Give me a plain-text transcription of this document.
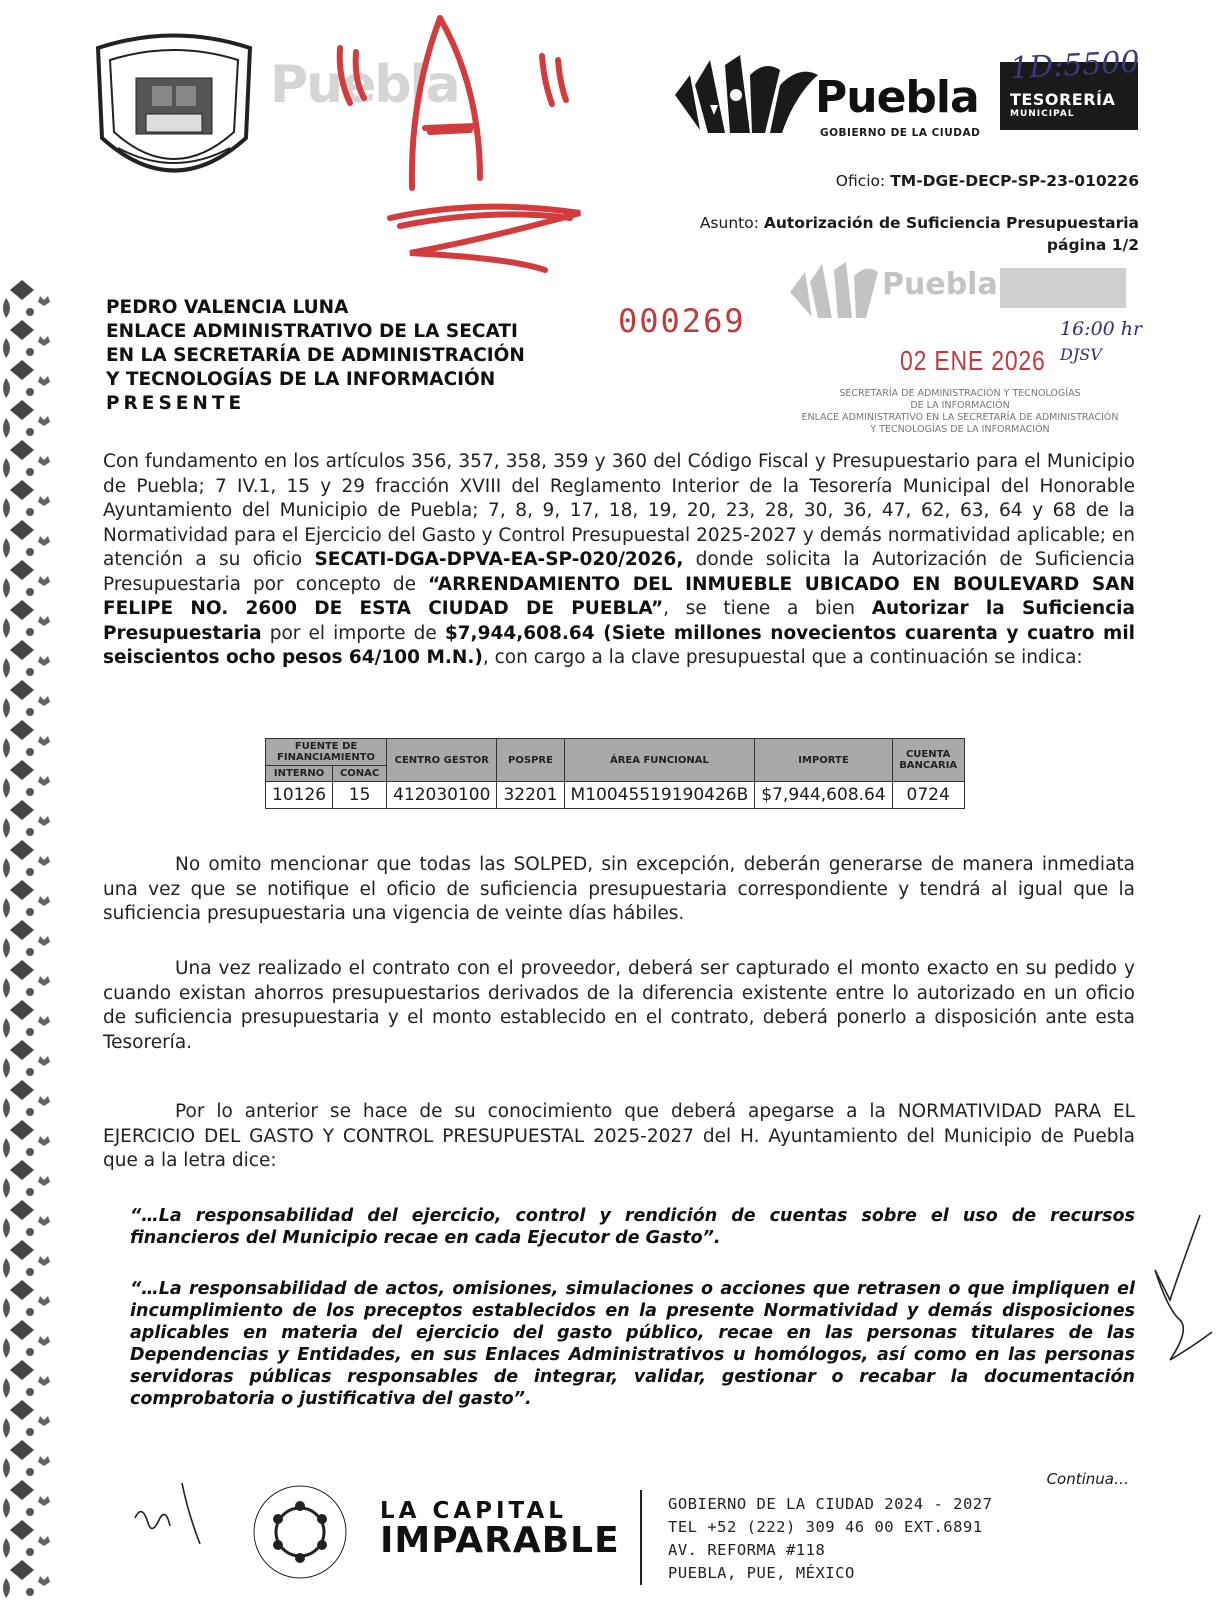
Puebla	Puebla
GOBIERNO DE LA CIUDAD
TESORERÍA
MUNICIPAL
1D:5500
Oficio: TM-DGE-DECP-SP-23-010226
Asunto: Autorización de Suficiencia Presupuestaria
página 1/2
Puebla
000269
02 ENE 2026
16:00 hr
DJSV
SECRETARÍA DE ADMINISTRACIÓN Y TECNOLOGÍAS
DE LA INFORMACIÓN
ENLACE ADMINISTRATIVO EN LA SECRETARÍA DE ADMINISTRACIÓN
Y TECNOLOGÍAS DE LA INFORMACIÓN
PEDRO VALENCIA LUNA
ENLACE ADMINISTRATIVO DE LA SECATI
EN LA SECRETARÍA DE ADMINISTRACIÓN
Y TECNOLOGÍAS DE LA INFORMACIÓN
PRESENTE
Con fundamento en los artículos 356, 357, 358, 359 y 360 del Código Fiscal y Presupuestario para el Municipio de Puebla; 7 IV.1, 15 y 29 fracción XVIII del Reglamento Interior de la Tesorería Municipal del Honorable Ayuntamiento del Municipio de Puebla; 7, 8, 9, 17, 18, 19, 20, 23, 28, 30, 36, 47, 62, 63, 64 y 68 de la Normatividad para el Ejercicio del Gasto y Control Presupuestal 2025-2027 y demás normatividad aplicable; en atención a su oficio SECATI-DGA-DPVA-EA-SP-020/2026, donde solicita la Autorización de Suficiencia Presupuestaria por concepto de “ARRENDAMIENTO DEL INMUEBLE UBICADO EN BOULEVARD SAN FELIPE NO. 2600 DE ESTA CIUDAD DE PUEBLA”, se tiene a bien Autorizar la Suficiencia Presupuestaria por el importe de $7,944,608.64 (Siete millones novecientos cuarenta y cuatro mil seiscientos ocho pesos 64/100 M.N.), con cargo a la clave presupuestal que a continuación se indica:
FUENTE DE FINANCIAMIENTO		CENTRO GESTOR	POSPRE	ÁREA FUNCIONAL	IMPORTE	CUENTA BANCARIA
INTERNO	CONAC					
10126	15	412030100	32201	M10045519190426B	$7,944,608.64	0724
No omito mencionar que todas las SOLPED, sin excepción, deberán generarse de manera inmediata una vez que se notifique el oficio de suficiencia presupuestaria correspondiente y tendrá al igual que la suficiencia presupuestaria una vigencia de veinte días hábiles.
Una vez realizado el contrato con el proveedor, deberá ser capturado el monto exacto en su pedido y cuando existan ahorros presupuestarios derivados de la diferencia existente entre lo autorizado en un oficio de suficiencia presupuestaria y el monto establecido en el contrato, deberá ponerlo a disposición ante esta Tesorería.
Por lo anterior se hace de su conocimiento que deberá apegarse a la NORMATIVIDAD PARA EL EJERCICIO DEL GASTO Y CONTROL PRESUPUESTAL 2025-2027 del H. Ayuntamiento del Municipio de Puebla que a la letra dice:
“…La responsabilidad del ejercicio, control y rendición de cuentas sobre el uso de recursos financieros del Municipio recae en cada Ejecutor de Gasto”.
“…La responsabilidad de actos, omisiones, simulaciones o acciones que retrasen o que impliquen el incumplimiento de los preceptos establecidos en la presente Normatividad y demás disposiciones aplicables en materia del ejercicio del gasto público, recae en las personas titulares de las Dependencias y Entidades, en sus Enlaces Administrativos u homólogos, así como en las personas servidoras públicas responsables de integrar, validar, gestionar o recabar la documentación comprobatoria o justificativa del gasto”.
Continua…
LA CAPITAL
IMPARABLE
GOBIERNO DE LA CIUDAD 2024 - 2027
TEL +52 (222) 309 46 00 EXT.6891
AV. REFORMA #118
PUEBLA, PUE, MÉXICO
